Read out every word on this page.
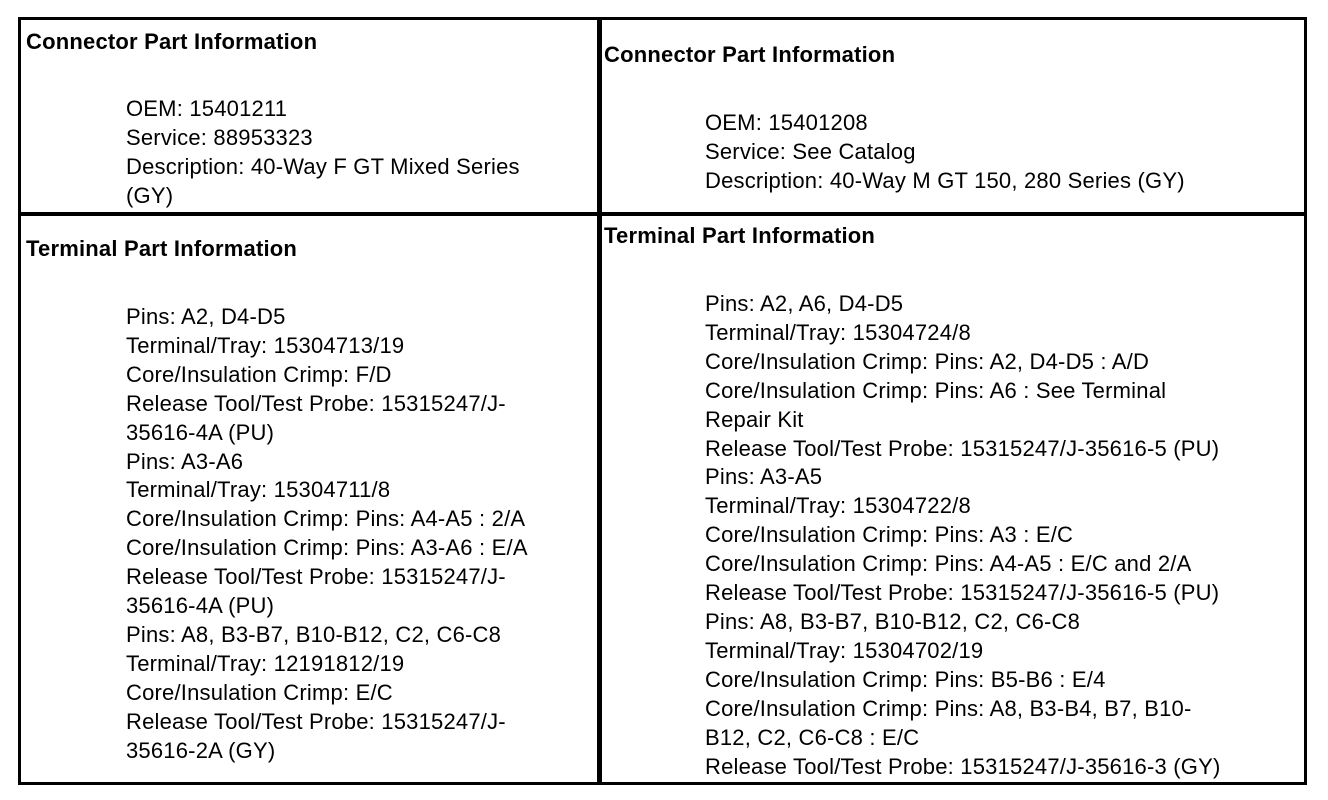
Connector Part Information
OEM: 15401211
Service: 88953323
Description: 40-Way F GT Mixed Series
(GY)
Connector Part Information
OEM: 15401208
Service: See Catalog
Description: 40-Way M GT 150, 280 Series (GY)
Terminal Part Information
Pins: A2, D4-D5
Terminal/Tray: 15304713/19
Core/Insulation Crimp: F/D
Release Tool/Test Probe: 15315247/J-
35616-4A (PU)
Pins: A3-A6
Terminal/Tray: 15304711/8
Core/Insulation Crimp: Pins: A4-A5 : 2/A
Core/Insulation Crimp: Pins: A3-A6 : E/A
Release Tool/Test Probe: 15315247/J-
35616-4A (PU)
Pins: A8, B3-B7, B10-B12, C2, C6-C8
Terminal/Tray: 12191812/19
Core/Insulation Crimp: E/C
Release Tool/Test Probe: 15315247/J-
35616-2A (GY)
Terminal Part Information
Pins: A2, A6, D4-D5
Terminal/Tray: 15304724/8
Core/Insulation Crimp: Pins: A2, D4-D5 : A/D
Core/Insulation Crimp: Pins: A6 : See Terminal
Repair Kit
Release Tool/Test Probe: 15315247/J-35616-5 (PU)
Pins: A3-A5
Terminal/Tray: 15304722/8
Core/Insulation Crimp: Pins: A3 : E/C
Core/Insulation Crimp: Pins: A4-A5 : E/C and 2/A
Release Tool/Test Probe: 15315247/J-35616-5 (PU)
Pins: A8, B3-B7, B10-B12, C2, C6-C8
Terminal/Tray: 15304702/19
Core/Insulation Crimp: Pins: B5-B6 : E/4
Core/Insulation Crimp: Pins: A8, B3-B4, B7, B10-
B12, C2, C6-C8 : E/C
Release Tool/Test Probe: 15315247/J-35616-3 (GY)
